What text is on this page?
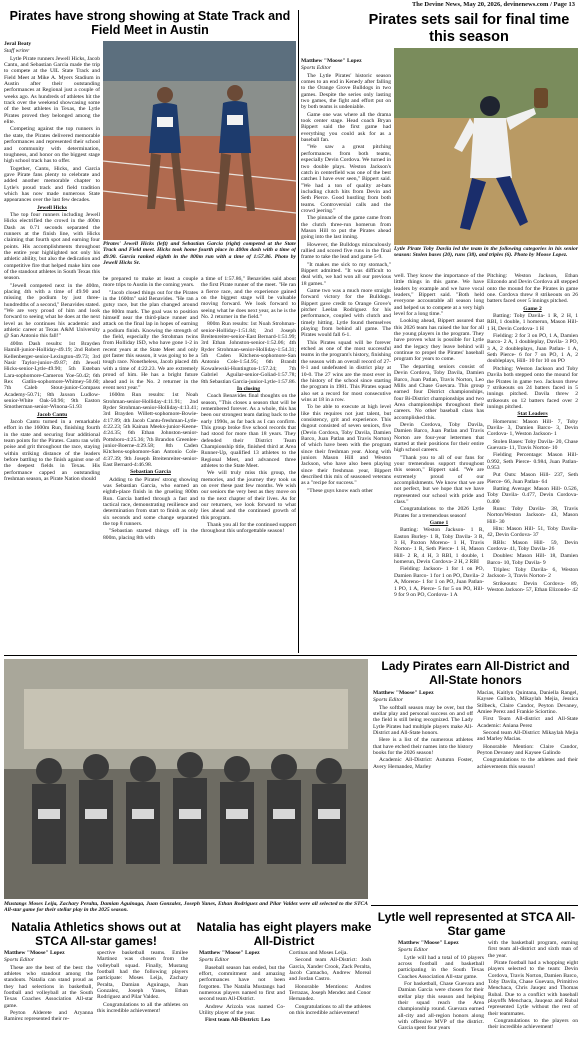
The Devine News, May 20, 2026, devinenews.com / Page 13
Pirates have strong showing at State Track and Field Meet in Austin

Jeral Beaty

Staff writer

Lytle Pirate runners Jewell Hicks, Jacob Cantu, and Sebastian Garcia made the trip to compete at the UIL State Track and Field Meet at Mike A. Myers Stadium in Austin after their outstanding performances at Regional just a couple of weeks ago. As hundreds of athletes hit the track over the weekend showcasing some of the best athletes in Texas, the Lytle Pirates proved they belonged among the elite.

Competing against the top runners in the state, the Pirates delivered memorable performances and represented their school and community with determination, toughness, and honor on the biggest stage high school track has to offer.

Together, Cantu, Hicks, and Garcia gave Pirate fans plenty to celebrate and added another memorable chapter to Lytle's proud track and field tradition which has now made numerous State appearances over the last few decades.

Jewell Hicks

The top four runners including Jewell Hicks electrified the crowd in the 400m Dash as 0.71 seconds separated the runners at the finish line, with Hicks claiming that fourth spot and earning four points. His accomplishments throughout the entire year highlighted not only his athletic ability, but also the dedication and competitive fire that helped make him one of the standout athletes in South Texas this season.

"Jewell competed next in the 400m, placing 4th with a time of 49.90 and missing the podium by just three-hundredths of a second," Benavides stated. "We are very proud of him and look forward to seeing what he does at the next level as he continues his academic and athletic career at Texas A&M University @ San Antonio this fall!"

400m Dash results: 1st Brayden Hamill-junior-Holliday-49.19; 2nd Robert Kellenberger-senior-Lexington-49.73; 3rd Nasir Taylor-junior-49.87; 4th Jewell Hicks-senior-Lytle-49.90; 5th Esteban Lara-sophomore-Cameron Yoe-50.42; 6th Rex Gatlin-sophomore-Whitney-50.60; 7th Caleb Stout-junior-Compass Academy-50.71; 8th Jaxson Ludlow-senior-White Oak-50.96; 9th Easton Smotherman-senior-Winona-51.93

Jacob Cantu

Jacob Cantu turned in a remarkable effort in the 1600m Run, finishing fourth in the state and securing four additional team points for the Pirates. Cantu ran with poise and grit throughout the race, staying within striking distance of the leaders before battling to the finish against one of the deepest fields in Texas. His performance capped an outstanding freshman season, as Pirate Nation should

Pirates' Jewell Hicks (left) and Sebastian Garcia (right) competed at the State Track and Field meet. Hicks took home fourth place in 400m dash with a time of 49.90. Garcia ranked eighth in the 800m run with a time of 1:57.86. Photo by Jewell Hicks Sr.

be prepared to make at least a couple more trips to Austin in the coming years.

"Jacob closed things out for the Pirates in the 1600m" said Benavides. "He ran a gutsy race, but the plan changed around the 800m mark. The goal was to position himself near the third-place runner and attack on the final lap in hopes of earning a podium finish. Knowing the strength of the field, especially the Strohman twins from Holliday ISD, who have gone 1-2 in recent years at the State Meet and only got faster this season, it was going to be a tough race. Nonetheless, Jacob placed 4th with a time of 4:22.23. We are extremely proud of him. He has a bright future ahead and is the No. 2 returner in the event next year."

1600m Run results: 1st Noah Strohman-senior-Holliday-4:11.91; 2nd Ryder Strohman-senior-Holliday-4:13.41; 3rd Brayden Willett-sophomore-Bowie-4:17.89; 4th Jacob Cantu-freshman-Lytle-4:22.23; 5th Kainan Meeks-junior-Keene-4:24.35; 6th Ethan Johnston-senior-Pottsboro-4:25.36; 7th Brandon Greenlee-junior-Boerne-4:29.58; 8th Caden Kitchens-sophomore-San Antonio Cole-4:37.39; 9th Joseph Breitenreiter-senior-East Bernard-4:46.98.

Sebastian Garcia

Adding to the Pirates' strong showing was Sebastian Garcia, who earned an eighth-place finish in the grueling 800m Run. Garcia battled through a fast and tactical race, demonstrating resilience and determination from start to finish as only six seconds and some change separated the top 8 runners.

"Sebastian started things off in the 800m, placing 8th with

a time of 1:57.86," Benavides said about the first Pirate runner of the meet. "He ran a fierce race, and the experience gained on the biggest stage will be valuable moving forward. We look forward to seeing what he does next year, as he is the No. 2 returner in the field."

800m Run results: 1st Noah Strohman-senior-Holliday-1:51.84; 2nd Joseph Breitenreiter-senior-East Bernard-1:51.99; 3rd Ethan Johnston-senior-1:52.06; 4th Ryder Strohman-senior-Holliday-1:54.31; 5th Caden Kitchens-sophomore-San Antonio Cole-1:54.95; 6th Brandt Kowalewski-Huntington-1:57.24; 7th Gabriel Aguilar-senior-Goliad-1:57.78; 8th Sebastian Garcia-junior-Lytle-1:57.86.

In closing

Coach Benavides final thoughts on the season, "This closes a season that will be remembered forever. As a whole, this has been our strongest team dating back to the early 1990s, as far back as I can confirm. This group broke five school records that had stood for more than 18 years. They defended their District Team Championship title, finished third at Area Runner-Up, qualified 13 athletes to the Regional Meet, and advanced three athletes to the State Meet.

We will truly miss this group, the memories, and the journey they took us on over these past few months. We wish our seniors the very best as they move on to the next chapter of their lives. As for our returners, we look forward to what lies ahead and the continued growth of this program.

Thank you all for the continued support throughout this unforgettable season!

Pirates sets sail for final time this season

Matthew "Moose" Lopez

Sports Editor

The Lytle Pirates' historic season comes to an end in Kenedy after falling to the Orange Grove Bulldogs in two games. Despite the series only lasting two games, the fight and effort put on by both teams is undeniable.

Game one was where all the drama took center stage. Head coach Bryan Bippert said the first game had everything you could ask for as a baseball fan.

"We saw a great pitching performances from both teams, especially Devin Cordova. We turned in two double plays. Weston Jackson's catch in centerfield was one of the best catches I have ever seen," Bippert said. "We had a ton of quality at-bats including clutch hits from Devin and Seth Pierce. Good hustling from both teams. Controversial calls and the crowd jeering."

The pinnacle of the game came from the clutch three-run homerun from Mason Hill to put the Pirates ahead going into the last inning.

However, the Bulldogs miraculously rallied and scored five runs in the final frame to take the lead and game 5-9.

"It makes me sick to my stomach," Bippert admitted. "It was difficult to deal with, we had won all our previous 18 games."

Game two was a much more straight forward victory for the Bulldogs. Bippert gave credit to Orange Grove's pitcher Leelan Rodriguez for his performance, coupled with clutch and timely hitting. Lytle found themselves playing from behind all game. The Pirates would fall 6-1.

This Pirates squad will be forever etched as one of the most successful teams in the program's history, finishing the season with an overall record of 27-8-1 and undefeated in district play at 10-0. The 27 wins are the most ever in the history of the school since starting the program in 1981. This Pirates squad also set a record for most consecutive wins at 18 in a row.

To be able to execute at high level like this requires not just talent, but consistency, grit and experience. This dugout consisted of seven seniors, five (Devin Cordova, Toby Davila, Damien Barco, Juan Patlan and Travis Norton) of which have been with the program since their freshman year. Along with juniors Mason Hill and Weston Jackson, who have also been playing since their freshman year, Bippert described this mix of seasoned veterans as a "recipe for success."

"These guys know each other

Lytle Pirate Toby Davila led the team in the following categories in his senior season: Stolen bases (20), runs (38), and triples (6). Photo by Moose Lopez.

well. They know the importance of the little things in this game. We have leaders by example and we have vocal leaders," Bippert said. "Both held everyone accountable all season long and helped us to compete at a very high level for a long time."

Looking ahead, Bippert assured that this 2026 team has raised the bar for all the young players in the program. They have proven what is possible for Lytle and the legacy they leave behind will continue to propel the Pirates' baseball program for years to come.

The departing seniors consist of Devin Cordova, Toby Davila, Damien Barco, Juan Patlan, Travis Norton, Leo Mills and Chase Guevara. This group earned four District championships, four Bi-District championships and two Area championships throughout their careers. No other baseball class has accomplished this.

Devin Cordova, Toby Davila, Damien Barco, Juan Patlan and Travis Norton are four-year lettermen that started at their positions for their entire high school careers.

"Thank you to all of our fans for your tremendous support throughout this season," Bippert said. "We are extremely proud of our accomplishments. We know that we are not perfect, but we hope that we have represented our school with pride and class."

Congratulations to the 2026 Lytle Pirates for a tremendous season!

Game 1

Batting: Weston Jackson- 1 R, Easton Burley- 1 R, Toby Davila- 3 R, 3 H, Paxton Moreno- 1 H, Travis Norton- 1 R, Seth Pierce- 1 H, Mason Hill- 2 R, 4 H, 3 RBI, 1 double, 1 homerun, Devin Cordova- 2 H, 2 RBI

Fielding: Jackson- 1 for 1 on PO, Damien Barco- 1 for 1 on PO, Davila- 2 A, Moreno- 1 for 1 on PO, Juan Patlan- 1 PO, 1 A, Pierce- 5 for 5 on PO, Hill- 9 for 9 on PO, Cordova- 1 A

Pitching: Weston Jackson, Ethan Elizondo and Devin Cordova all stepped onto the mound for the Pirates in game one. Cordova threw 8 strikeouts on 26 batters faced over 5 innings pitched.

Game 2

Batting: Toby Davila- 1 R, 2 H, 1 RBI, 1 double, 1 homerun, Mason Hill- 1 H, Devin Cordova- 1 H

Fielding: 2 for 3 on PO, 1 A, Damien Barco- 2 A, 1 doubleplay, Davila- 3 PO, 3 A, 2 doubleplays, Juan Patlan- 1 A, Seth Pierce- 6 for 7 on PO, 1 A, 2 doubleplays, Hill- 10 for 10 on PO

Pitching: Weston Jackson and Toby Davila both stepped onto the mound for the Pirates in game two. Jackson threw 7 strikeouts on 24 batters faced in 5 innings pitched. Davila threw 2 strikeouts on 12 batters faced over 2 innings pitched.

Stat Leaders

Homeruns: Mason Hill- 7, Toby Davila- 3, Damien Barco- 3, Devin Cordova- 1, Weston Jackson- 1

Stolen Bases: Toby Davila- 20, Chase Guevara- 11, Travis Norton- 10

Fielding Percentage: Mason Hill- 0.992, Seth Pierce- 0.984, Juan Patlan- 0.953

Put Outs: Mason Hill- 237, Seth Pierce- 66, Juan Patlan- 64

Batting Average: Mason Hill- 0.526, Toby Davila- 0.477, Devin Cordova- 0.400

Runs: Toby Davila- 38, Travis Norton/Weston Jackson- 43, Mason Hill- 30

Hits: Mason Hill- 51, Toby Davila- 42, Devin Cordova- 37

RBIs: Mason Hill- 59, Devin Cordova- 41, Toby Davila- 26

Doubles: Mason Hill- 18, Damien Barco- 10, Toby Davila- 9

Triples: Toby Davila- 6, Weston Jackson- 3, Travis Norton- 2

Strikeouts: Devin Cordova- 89, Weston Jackson- 57, Ethan Elizondo- 42

Mustangs Moses Leija, Zachary Peralta, Damian Aguinaga, Juan Gonzalez, Joseph Yanes, Ethan Rodriguez and Pilar Valdez were all selected to the STCA All-star game for their stellar play in the 2025 season.
Lady Pirates earn All-District and All-State honors

Matthew "Moose" Lopez

Sports Editor

The softball season may be over, but the stellar play and personal success on and off the field is still being recognized. The Lady Lytle Pirates had multiple players make All-District and All-State honors.

Here is a list of the numerous athletes that have etched their names into the history books for the 2026 season!

Academic All-District: Autumn Foster, Avery Hernandez, Marley

Macias, Kaitlyn Quintana, Daniella Rangel, Kaysee Galindo, Mikaylah Mejia, Jessica Stilbeck, Claire Candor, Peyton Devaney, Amiee Perez and Frankie Sciortino.

First Team All-district and All-State Academic: Aniana Perez

Second team All-District: Mikaylah Mejia and Marley Macias.

Honorable Mention: Claire Candor, Peyton Devaney and Kaysee Galindo

Congratulations to the athletes and their achievements this season!

Natalia Athletics shows out at STCA All-star games!

Matthew "Moose" Lopez

Sports Editor

These are the best of the best: the athletes who standout among the standouts. Natalia can stand proud as they had selections in basketball, football and volleyball at the South Texas Coaches Association All-star game.

Peyton Alderete and Aryanna Ramirez represented their re-

spective basketball teams. Emilee Martinez was chosen from the volleyball squad. Finally, Mustang football had the following players participate: Moses Leija, Zachary Peralta, Damian Aguinaga, Juan Gonzalez, Joseph Yanes, Ethan Rodriguez and Pilar Valdez.

Congratulations to all the athletes on this incredible achievement!

Natalia has eight players make All-District

Matthew "Moose" Lopez

Sports Editor

Baseball season has ended, but the effort, commitment and amazing performances have not been forgotten. The Natalia Mustangs had numerous players named to first and second team All-District.

Andrew Arizola was named Co-Utility player of the year.

First team All-District: Leo

Cortinas and Moses Leija.

Second team All-District: Josh Garcia, Xander Crook, Zack Peralta, Jacob Camacho, Andrew Moreal and Jordan Castro.

Honorable Mentions: Andres Terrazas, Joseph Mendez and Conor Hernandez.

Congratulations to all the athletes on this incredible achievement!

Lytle well represented at STCA All-Star game

Matthew "Moose" Lopez

Sports Editor

Lytle will had a total of 10 players across football and basketball participating in the South Texas Coaches Association All-star game.

For basketball, Chase Guevara and Damian Garcia were chosen for their stellar play this season and helping their squad reach the Area championship round. Guevara earned all-city and all-region honors along with offensive MVP of the district. Garcia spent four years

with the basketball program, earning first team all-district and sixth man of the year.

Pirate football had a whopping eight players selected to the team: Devin Cordova, Travis Norton, Damien Barco, Toby Davila, Chase Guevara, Primitivo Menchaca, Chris Jauqez and Thomas Rubal. Due to a conflict with baseball playoffs Menchaca, Jauqeaz and Rubal represented Lytle without the rest of their teammates.

Congratulations to the players on their incredible achievement!
